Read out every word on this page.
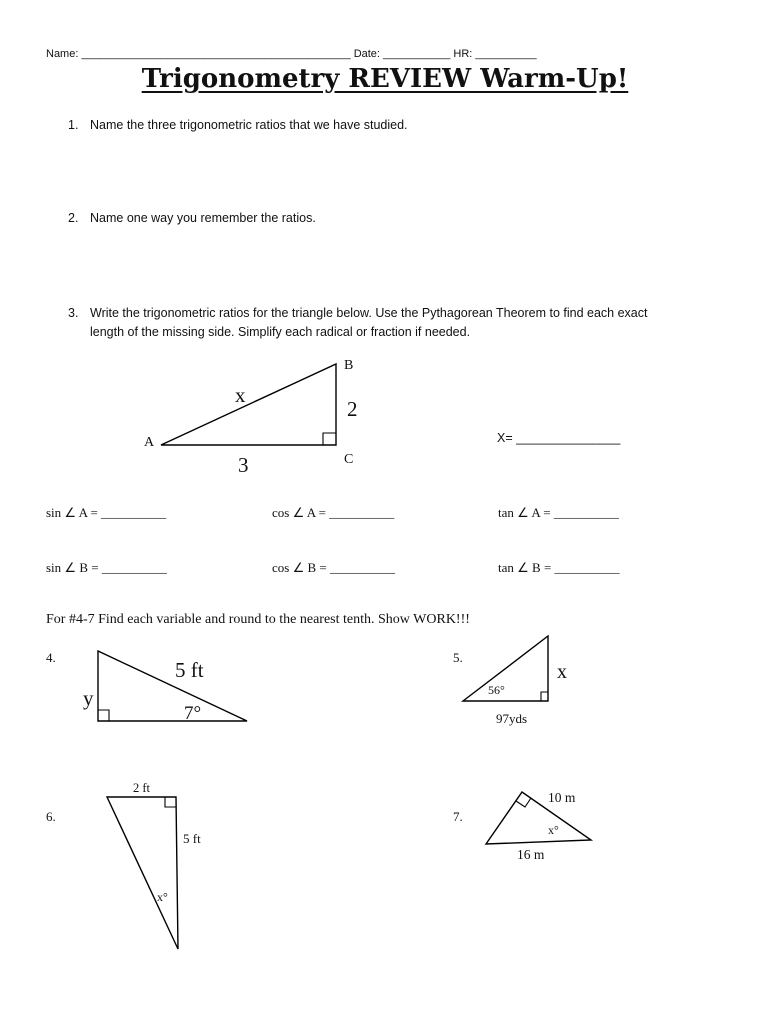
Name: ____________________________________________ Date: ___________ HR: __________
Trigonometry REVIEW Warm-Up!
1. Name the three trigonometric ratios that we have studied.
2. Name one way you remember the ratios.
3. Write the trigonometric ratios for the triangle below. Use the Pythagorean Theorem to find each exact
length of the missing side. Simplify each radical or fraction if needed.
B
x
2
A
C
3
X= _______________
sin ∠ A = __________	cos ∠ A = __________	tan ∠ A = __________
sin ∠ B = __________	cos ∠ B = __________	tan ∠ B = __________
For #4-7 Find each variable and round to the nearest tenth. Show WORK!!!
4.
5 ft
y
7°
5.
x
56°
97yds
2 ft
6.
5 ft
x°
10 m
7.
x°
16 m
